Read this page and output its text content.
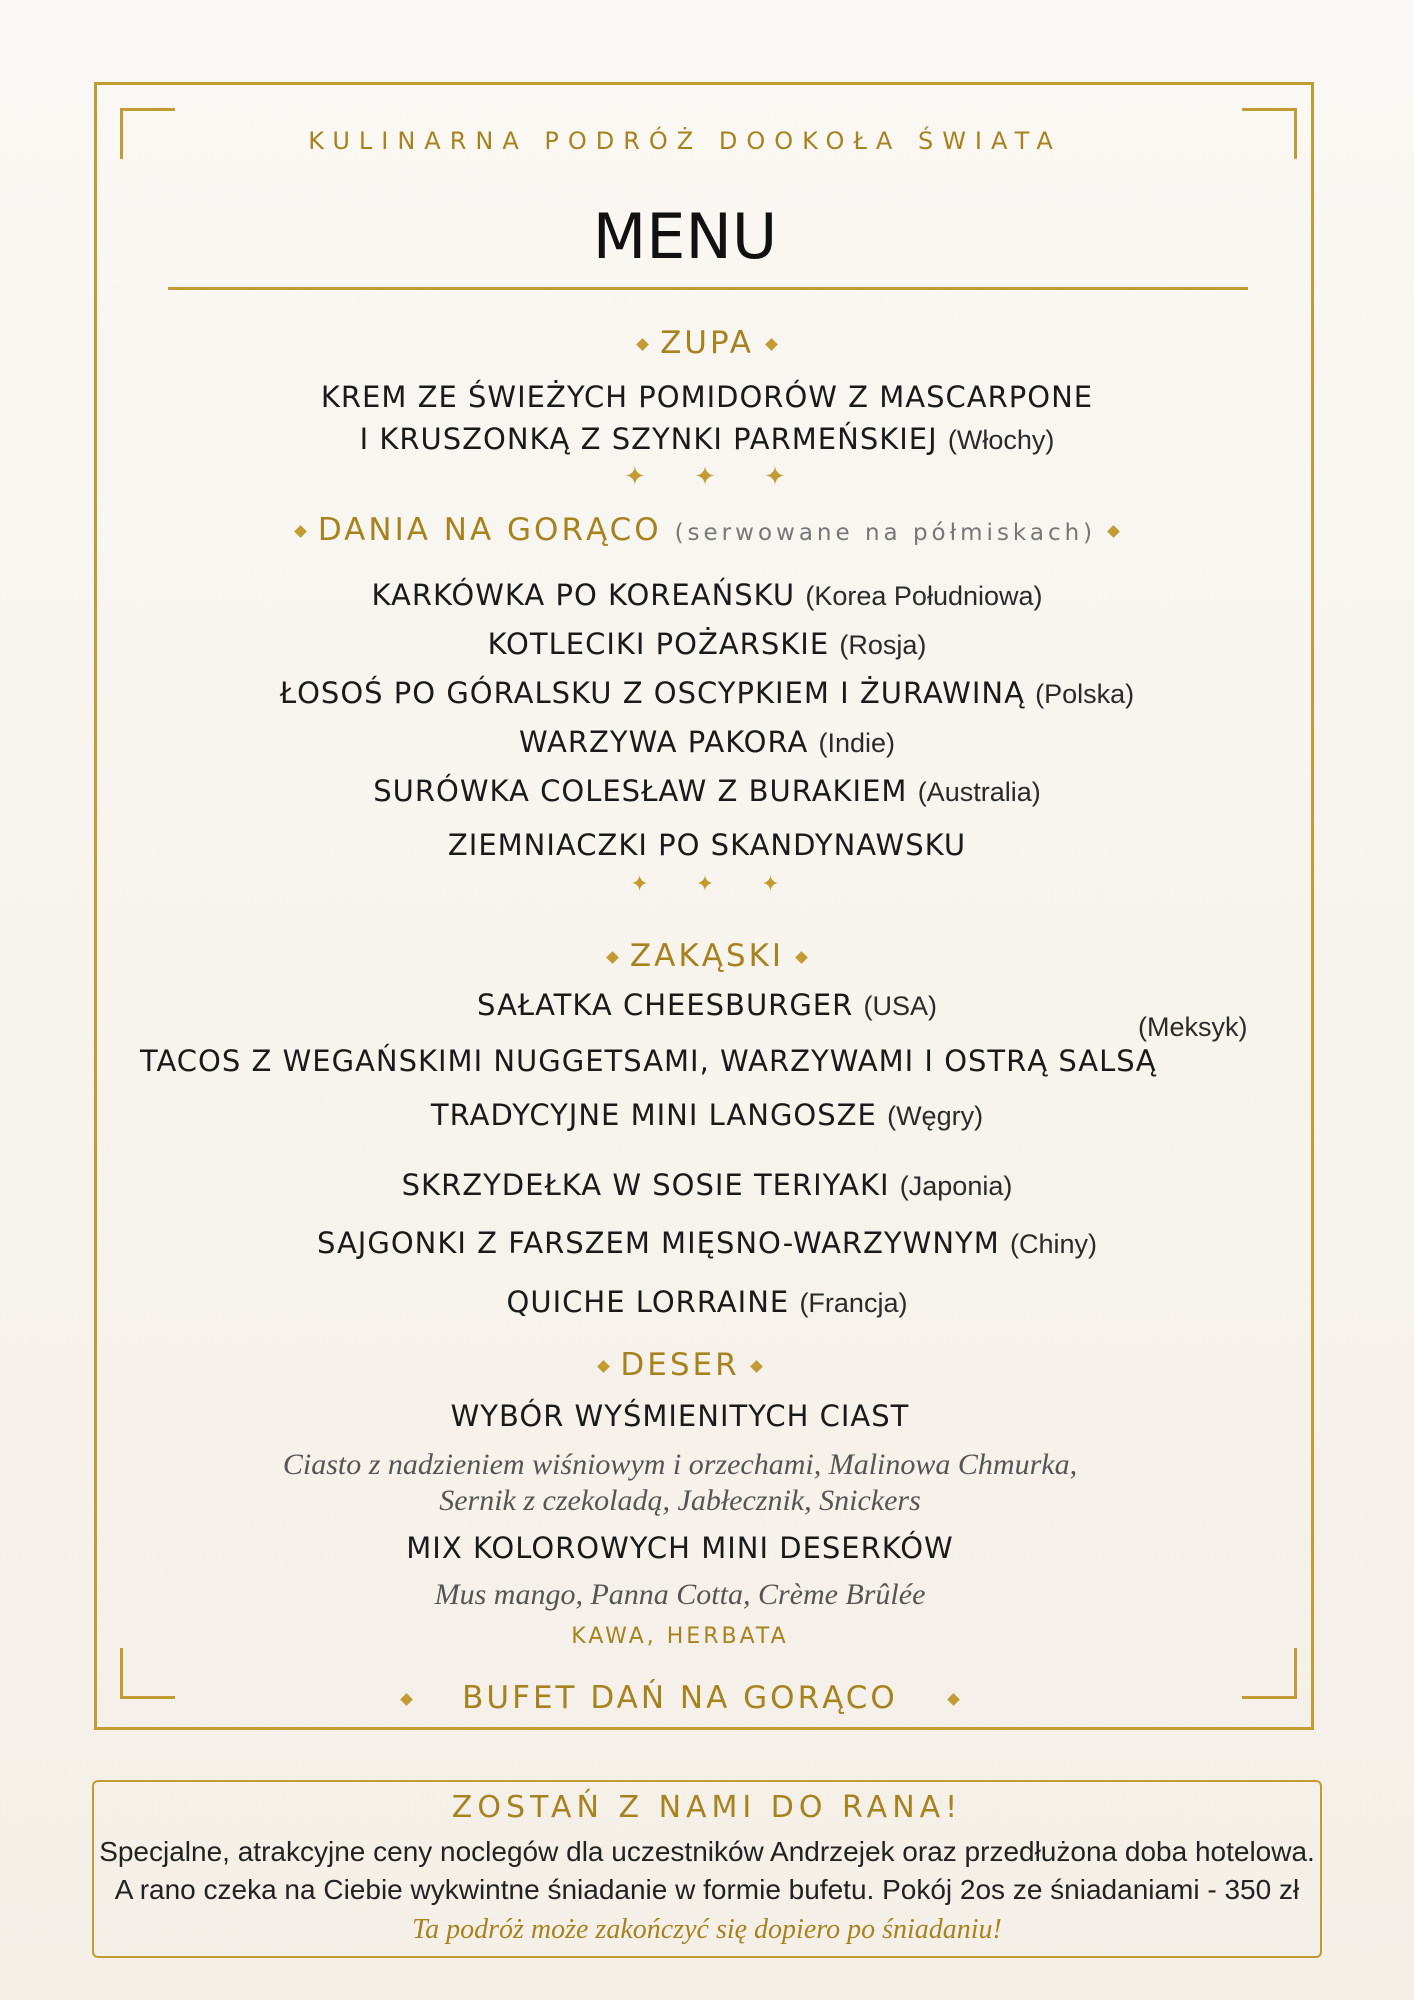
KULINARNA PODRÓŻ DOOKOŁA ŚWIATA
MENU
ZUPA
KREM ZE ŚWIEŻYCH POMIDORÓW Z MASCARPONE
I KRUSZONKĄ Z SZYNKI PARMEŃSKIEJ (Włochy)
✦ ✦ ✦
DANIA NA GORĄCO (serwowane na półmiskach)
KARKÓWKA PO KOREAŃSKU (Korea Południowa)
KOTLECIKI POŻARSKIE (Rosja)
ŁOSOŚ PO GÓRALSKU Z OSCYPKIEM I ŻURAWINĄ (Polska)
WARZYWA PAKORA (Indie)
SURÓWKA COLESŁAW Z BURAKIEM (Australia)
ZIEMNIACZKI PO SKANDYNAWSKU
✦ ✦ ✦
ZAKĄSKI
SAŁATKA CHEESBURGER (USA)
TACOS Z WEGAŃSKIMI NUGGETSAMI, WARZYWAMI I OSTRĄ SALSĄ
(Meksyk)
TRADYCYJNE MINI LANGOSZE (Węgry)
SKRZYDEŁKA W SOSIE TERIYAKI (Japonia)
SAJGONKI Z FARSZEM MIĘSNO-WARZYWNYM (Chiny)
QUICHE LORRAINE (Francja)
DESER
WYBÓR WYŚMIENITYCH CIAST
Ciasto z nadzieniem wiśniowym i orzechami, Malinowa Chmurka,
Sernik z czekoladą, Jabłecznik, Snickers
MIX KOLOROWYCH MINI DESERKÓW
Mus mango, Panna Cotta, Crème Brûlée
KAWA, HERBATA
BUFET DAŃ NA GORĄCO
ZOSTAŃ Z NAMI DO RANA!
Specjalne, atrakcyjne ceny noclegów dla uczestników Andrzejek oraz przedłużona doba hotelowa.
A rano czeka na Ciebie wykwintne śniadanie w formie bufetu. Pokój 2os ze śniadaniami - 350 zł
Ta podróż może zakończyć się dopiero po śniadaniu!
